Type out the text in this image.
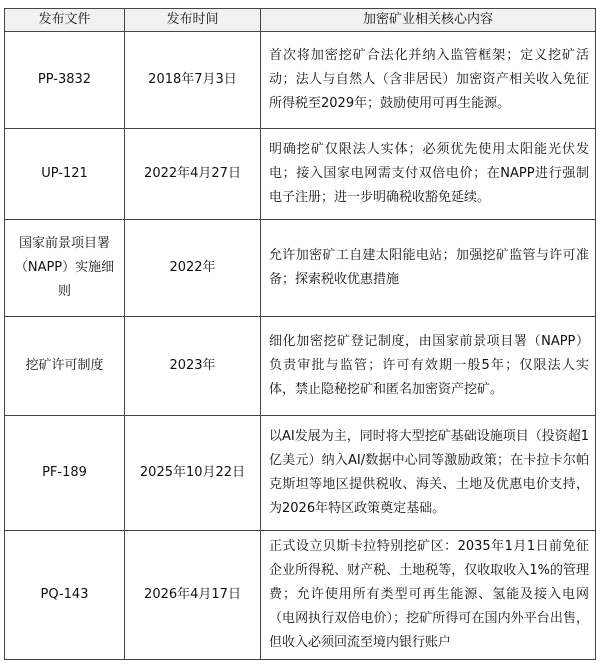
发布文件	发布时间	加密矿业相关核心内容
PP-3832	2018年7月3日	首次将加密挖矿合法化并纳入监管框架；定义挖矿活动；法人与自然人（含非居民）加密资产相关收入免征所得税至2029年；鼓励使用可再生能源。
UP-121	2022年4月27日	明确挖矿仅限法人实体；必须优先使用太阳能光伏发电；接入国家电网需支付双倍电价；在NAPP进行强制电子注册；进一步明确税收豁免延续。
国家前景项目署（NAPP）实施细则	2022年	允许加密矿工自建太阳能电站；加强挖矿监管与许可准备；探索税收优惠措施
挖矿许可制度	2023年	细化加密挖矿登记制度，由国家前景项目署（NAPP）负责审批与监管；许可有效期一般5年；仅限法人实体，禁止隐秘挖矿和匿名加密资产挖矿。
PF-189	2025年10月22日	以AI发展为主，同时将大型挖矿基础设施项目（投资超1亿美元）纳入AI/数据中心同等激励政策；在卡拉卡尔帕克斯坦等地区提供税收、海关、土地及优惠电价支持，为2026年特区政策奠定基础。
PQ-143	2026年4月17日	正式设立贝斯卡拉特别挖矿区：2035年1月1日前免征企业所得税、财产税、土地税等，仅收取收入1%的管理费；允许使用所有类型可再生能源、氢能及接入电网（电网执行双倍电价）；挖矿所得可在国内外平台出售，但收入必须回流至境内银行账户
